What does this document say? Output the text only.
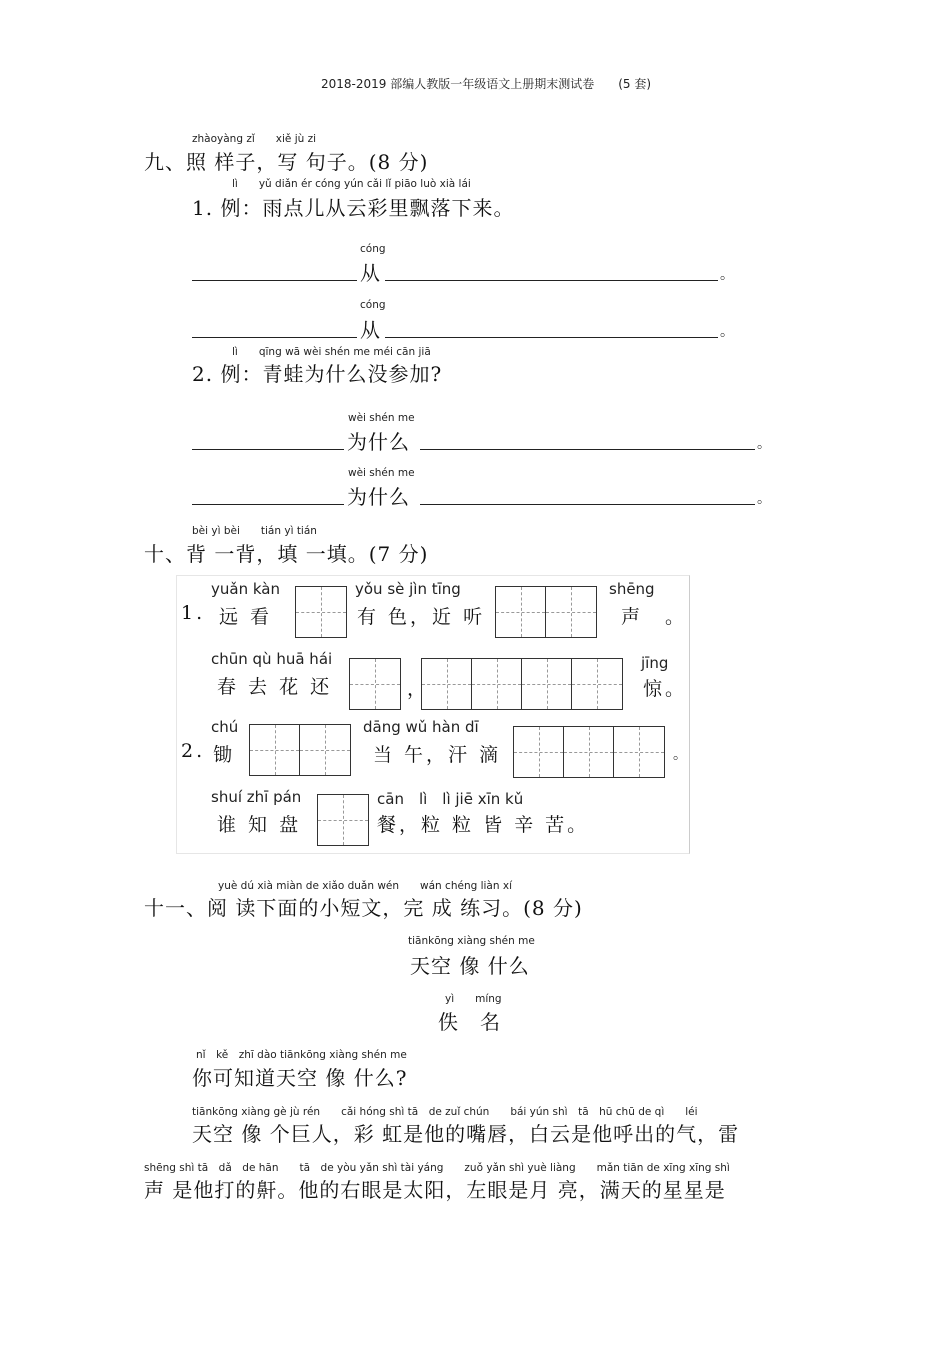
2018-2019 部编人教版一年级语文上册期末测试卷　　(5 套)
zhàoyàng zǐ　　xiě jù zi
九、照 样子，写 句子。(8 分)
lì　　yǔ diǎn ér cóng yún cǎi lǐ piāo luò xià lái
1. 例：雨点儿从云彩里飘落下来。
cóng
从	。
cóng
从	。
lì　　qīng wā wèi shén me méi cān jiā
2. 例：青蛙为什么没参加?
wèi shén me
为什么	。
wèi shén me
为什么	。
bèi yì bèi　　tián yì tián
十、背 一背，填 一填。(7 分)
1.
yuǎn kàn
远 看
yǒu sè jìn tīng
有 色，近 听
shēng
声　。
chūn qù huā hái
春 去 花 还	，
jīng
惊。
2.
chú
锄
dāng wǔ hàn dī
当 午，汗 滴	。
shuí zhī pán
谁 知 盘
cān　lì　lì jiē xīn kǔ
餐，粒 粒 皆 辛 苦。
yuè dú xià miàn de xiǎo duǎn wén　　wán chéng liàn xí
十一、阅 读下面的小短文，完 成 练习。(8 分)
tiānkōng xiàng shén me
天空 像 什么
yì　　míng
佚　名
nǐ　kě　zhī dào tiānkōng xiàng shén me
你可知道天空 像 什么?
tiānkōng xiàng gè jù rén　　cǎi hóng shì tā　de zuǐ chún　　bái yún shì　tā　hū chū de qì　　léi
天空 像 个巨人，彩 虹是他的嘴唇，白云是他呼出的气，雷
shēng shì tā　dǎ　de hān　　tā　de yòu yǎn shì tài yáng　　zuǒ yǎn shì yuè liàng　　mǎn tiān de xīng xīng shì
声 是他打的鼾。他的右眼是太阳，左眼是月 亮，满天的星星是
